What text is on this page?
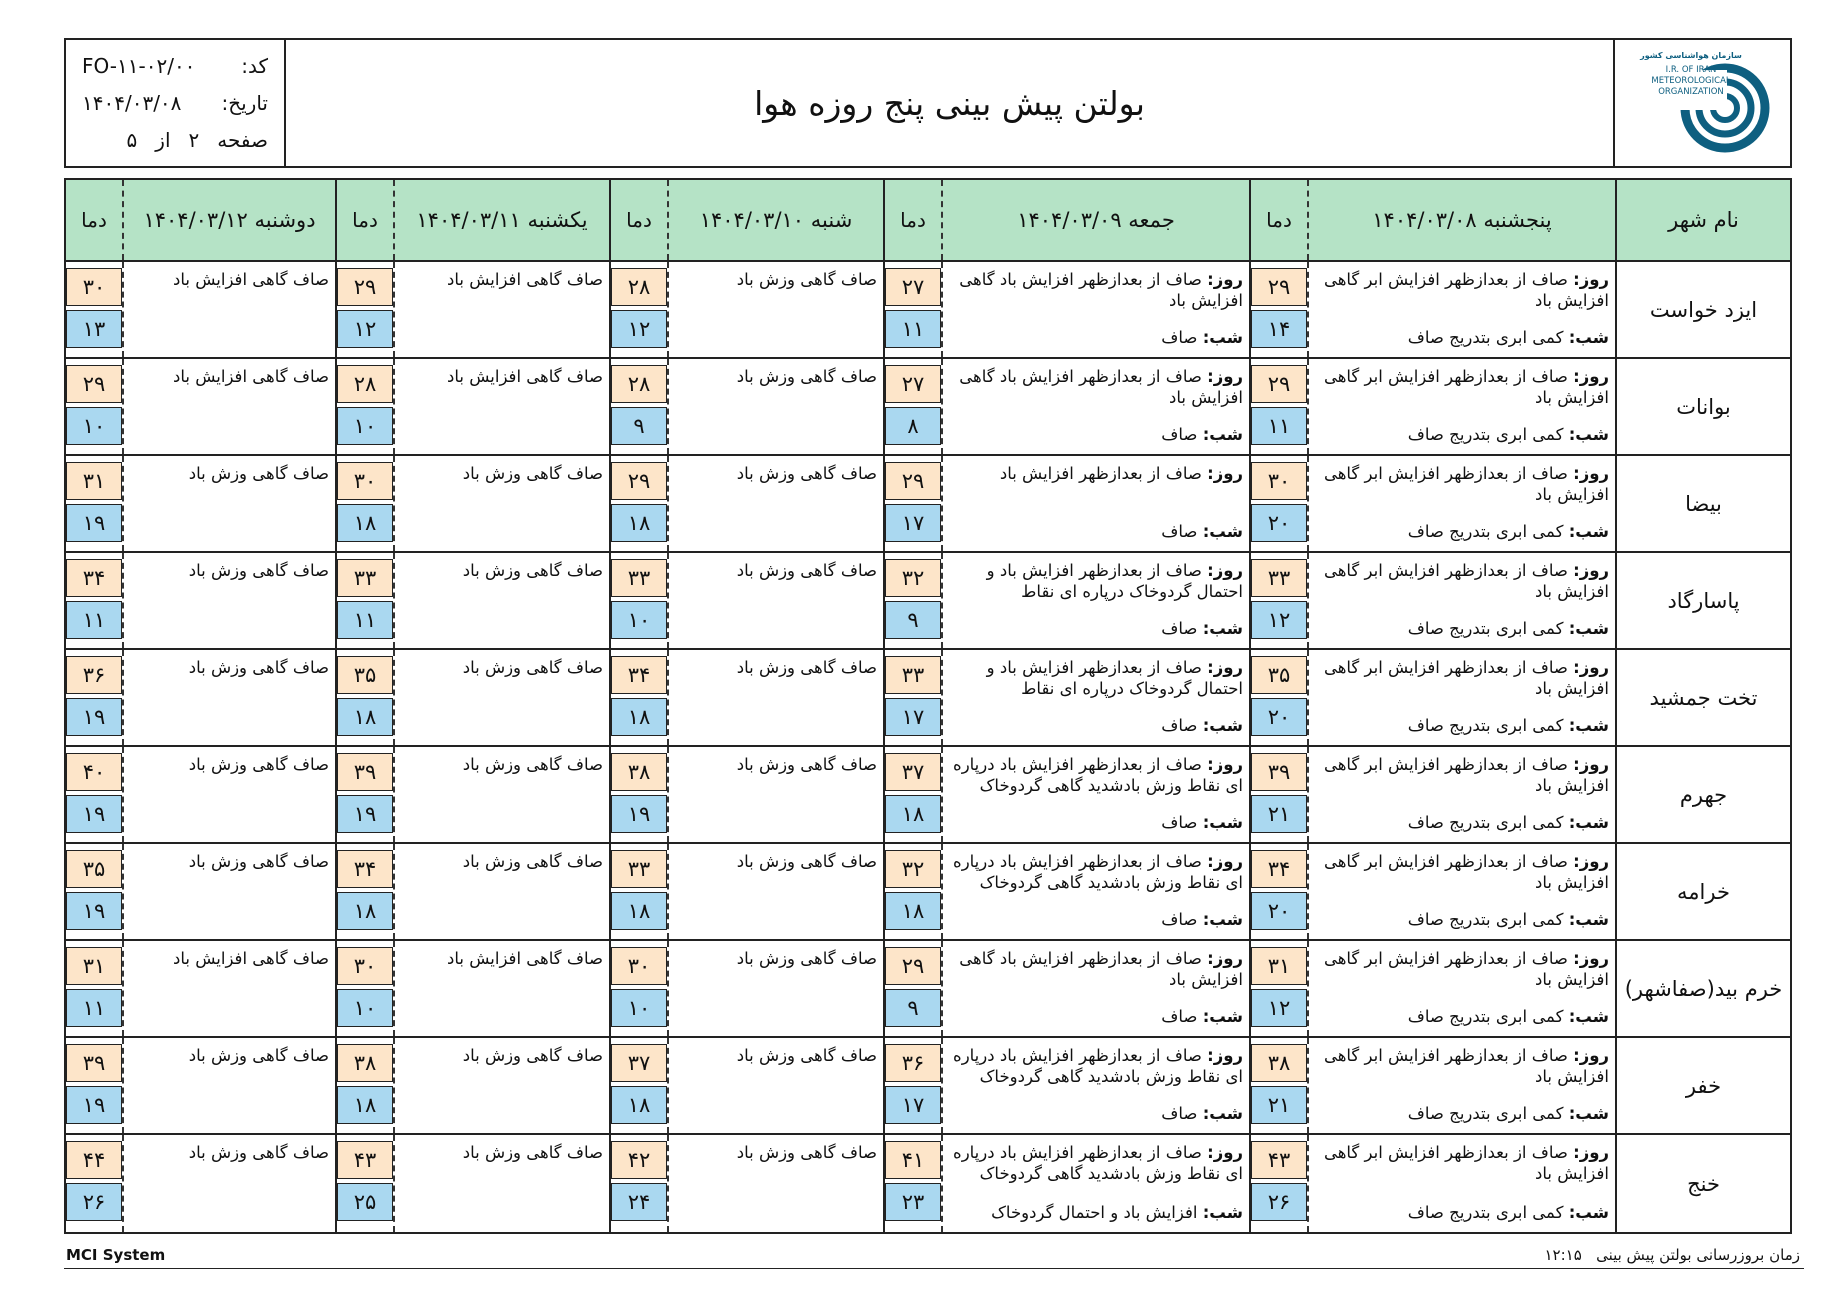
سازمان هواشناسی کشور
I.R. OF IRAN
METEOROLOGICAL
ORGANIZATION
بولتن پیش بینی پنج روزه هوا
کد:
FO-۱۱-۰۲/۰۰
تاریخ:
۱۴۰۴/۰۳/۰۸
صفحه
۲
از
۵
نام شهر
پنجشنبه ۱۴۰۴/۰۳/۰۸
دما
جمعه ۱۴۰۴/۰۳/۰۹
دما
شنبه ۱۴۰۴/۰۳/۱۰
دما
یکشنبه ۱۴۰۴/۰۳/۱۱
دما
دوشنبه ۱۴۰۴/۰۳/۱۲
دما
ایزد خواست
روز: صاف از بعدازظهر افزایش ابر گاهی افزایش باد
شب: کمی ابری بتدریج صاف
۲۹
۱۴
روز: صاف از بعدازظهر افزایش باد گاهی افزایش باد
شب: صاف
۲۷
۱۱
صاف گاهی وزش باد
۲۸
۱۲
صاف گاهی افزایش باد
۲۹
۱۲
صاف گاهی افزایش باد
۳۰
۱۳
بوانات
روز: صاف از بعدازظهر افزایش ابر گاهی افزایش باد
شب: کمی ابری بتدریج صاف
۲۹
۱۱
روز: صاف از بعدازظهر افزایش باد گاهی افزایش باد
شب: صاف
۲۷
۸
صاف گاهی وزش باد
۲۸
۹
صاف گاهی افزایش باد
۲۸
۱۰
صاف گاهی افزایش باد
۲۹
۱۰
بیضا
روز: صاف از بعدازظهر افزایش ابر گاهی افزایش باد
شب: کمی ابری بتدریج صاف
۳۰
۲۰
روز: صاف از بعدازظهر افزایش باد
شب: صاف
۲۹
۱۷
صاف گاهی وزش باد
۲۹
۱۸
صاف گاهی وزش باد
۳۰
۱۸
صاف گاهی وزش باد
۳۱
۱۹
پاسارگاد
روز: صاف از بعدازظهر افزایش ابر گاهی افزایش باد
شب: کمی ابری بتدریج صاف
۳۳
۱۲
روز: صاف از بعدازظهر افزایش باد و احتمال گردوخاک درپاره ای نقاط
شب: صاف
۳۲
۹
صاف گاهی وزش باد
۳۳
۱۰
صاف گاهی وزش باد
۳۳
۱۱
صاف گاهی وزش باد
۳۴
۱۱
تخت جمشید
روز: صاف از بعدازظهر افزایش ابر گاهی افزایش باد
شب: کمی ابری بتدریج صاف
۳۵
۲۰
روز: صاف از بعدازظهر افزایش باد و احتمال گردوخاک درپاره ای نقاط
شب: صاف
۳۳
۱۷
صاف گاهی وزش باد
۳۴
۱۸
صاف گاهی وزش باد
۳۵
۱۸
صاف گاهی وزش باد
۳۶
۱۹
جهرم
روز: صاف از بعدازظهر افزایش ابر گاهی افزایش باد
شب: کمی ابری بتدریج صاف
۳۹
۲۱
روز: صاف از بعدازظهر افزایش باد درپاره ای نقاط وزش بادشدید گاهی گردوخاک
شب: صاف
۳۷
۱۸
صاف گاهی وزش باد
۳۸
۱۹
صاف گاهی وزش باد
۳۹
۱۹
صاف گاهی وزش باد
۴۰
۱۹
خرامه
روز: صاف از بعدازظهر افزایش ابر گاهی افزایش باد
شب: کمی ابری بتدریج صاف
۳۴
۲۰
روز: صاف از بعدازظهر افزایش باد درپاره ای نقاط وزش بادشدید گاهی گردوخاک
شب: صاف
۳۲
۱۸
صاف گاهی وزش باد
۳۳
۱۸
صاف گاهی وزش باد
۳۴
۱۸
صاف گاهی وزش باد
۳۵
۱۹
خرم بید(صفاشهر)
روز: صاف از بعدازظهر افزایش ابر گاهی افزایش باد
شب: کمی ابری بتدریج صاف
۳۱
۱۲
روز: صاف از بعدازظهر افزایش باد گاهی افزایش باد
شب: صاف
۲۹
۹
صاف گاهی وزش باد
۳۰
۱۰
صاف گاهی افزایش باد
۳۰
۱۰
صاف گاهی افزایش باد
۳۱
۱۱
خفر
روز: صاف از بعدازظهر افزایش ابر گاهی افزایش باد
شب: کمی ابری بتدریج صاف
۳۸
۲۱
روز: صاف از بعدازظهر افزایش باد درپاره ای نقاط وزش بادشدید گاهی گردوخاک
شب: صاف
۳۶
۱۷
صاف گاهی وزش باد
۳۷
۱۸
صاف گاهی وزش باد
۳۸
۱۸
صاف گاهی وزش باد
۳۹
۱۹
خنج
روز: صاف از بعدازظهر افزایش ابر گاهی افزایش باد
شب: کمی ابری بتدریج صاف
۴۳
۲۶
روز: صاف از بعدازظهر افزایش باد درپاره ای نقاط وزش بادشدید گاهی گردوخاک
شب: افزایش باد و احتمال گردوخاک
۴۱
۲۳
صاف گاهی وزش باد
۴۲
۲۴
صاف گاهی وزش باد
۴۳
۲۵
صاف گاهی وزش باد
۴۴
۲۶
MCI System	زمان بروزرسانی بولتن پیش بینی   ۱۲:۱۵
